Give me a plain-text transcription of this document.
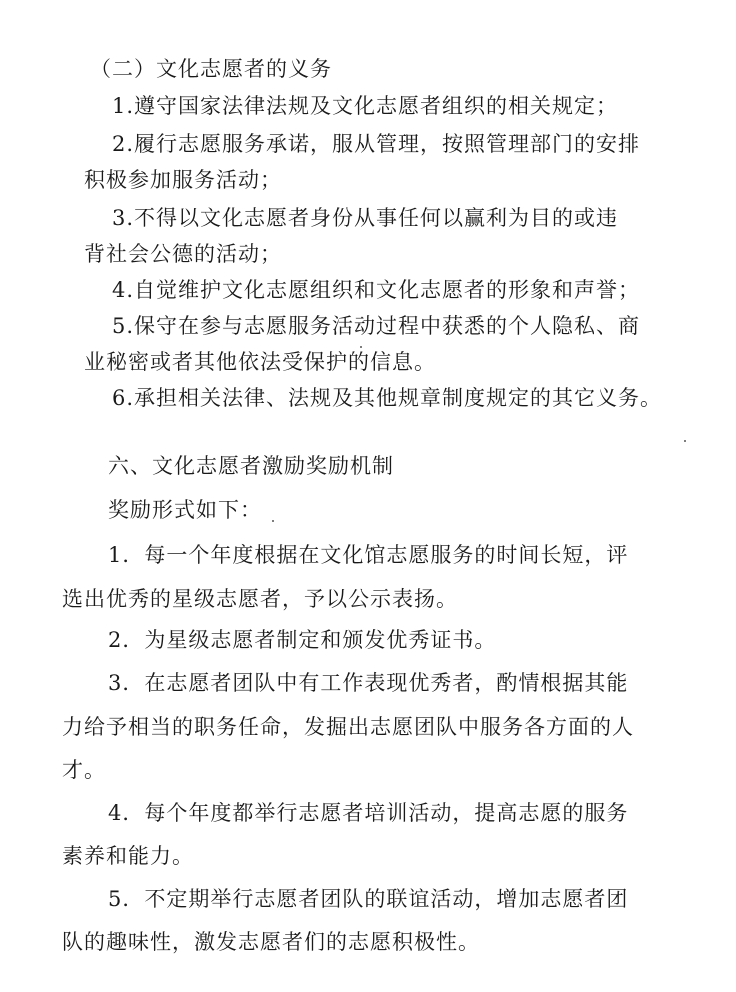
（二）文化志愿者的义务
1.遵守国家法律法规及文化志愿者组织的相关规定；
2.履行志愿服务承诺，服从管理，按照管理部门的安排
积极参加服务活动；
3.不得以文化志愿者身份从事任何以赢利为目的或违
背社会公德的活动；
4.自觉维护文化志愿组织和文化志愿者的形象和声誉；
5.保守在参与志愿服务活动过程中获悉的个人隐私、商
业秘密或者其他依法受保护的信息。
6.承担相关法律、法规及其他规章制度规定的其它义务。
六、文化志愿者激励奖励机制
奖励形式如下：
1．每一个年度根据在文化馆志愿服务的时间长短，评
选出优秀的星级志愿者，予以公示表扬。
2．为星级志愿者制定和颁发优秀证书。
3．在志愿者团队中有工作表现优秀者，酌情根据其能
力给予相当的职务任命，发掘出志愿团队中服务各方面的人
才。
4．每个年度都举行志愿者培训活动，提高志愿的服务
素养和能力。
5．不定期举行志愿者团队的联谊活动，增加志愿者团
队的趣味性，激发志愿者们的志愿积极性。
